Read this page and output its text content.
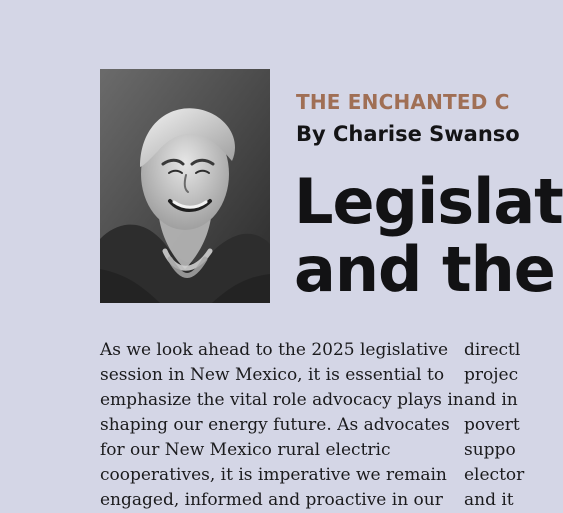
THE ENCHANTED C
By Charise Swanso
Legislat
and the
As we look ahead to the 2025 legislative
session in New Mexico, it is essential to
emphasize the vital role advocacy plays in
shaping our energy future. As advocates
for our New Mexico rural electric
cooperatives, it is imperative we remain
engaged, informed and proactive in our
directl
projec
and in
povert
suppo
elector
and it
